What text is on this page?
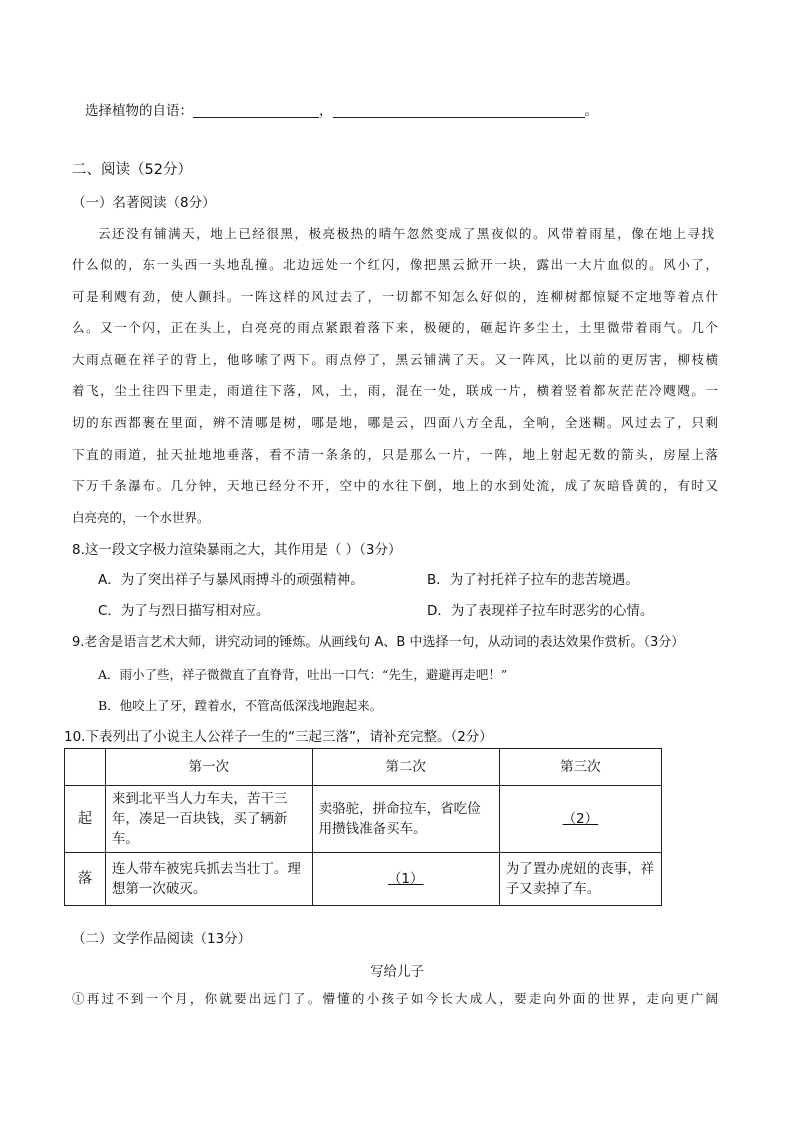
选择植物的自语：	，	。
二、阅读（52分）
（一）名著阅读（8分）
云还没有铺满天，地上已经很黑，极亮极热的晴午忽然变成了黑夜似的。风带着雨星，像在地上寻找
什么似的，东一头西一头地乱撞。北边远处一个红闪，像把黑云掀开一块，露出一大片血似的。风小了，
可是利飕有劲，使人颤抖。一阵这样的风过去了，一切都不知怎么好似的，连柳树都惊疑不定地等着点什
么。又一个闪，正在头上，白亮亮的雨点紧跟着落下来，极硬的，砸起许多尘土，土里微带着雨气。几个
大雨点砸在祥子的背上，他哆嗦了两下。雨点停了，黑云铺满了天。又一阵风，比以前的更厉害，柳枝横
着飞，尘土往四下里走，雨道往下落，风，土，雨，混在一处，联成一片，横着竖着都灰茫茫冷飕飕。一
切的东西都裹在里面，辨不清哪是树，哪是地，哪是云，四面八方全乱，全响，全迷糊。风过去了，只剩
下直的雨道，扯天扯地地垂落，看不清一条条的，只是那么一片，一阵，地上射起无数的箭头，房屋上落
下万千条瀑布。几分钟，天地已经分不开，空中的水往下倒，地上的水到处流，成了灰暗昏黄的，有时又
白亮亮的，一个水世界。
8.这一段文字极力渲染暴雨之大，其作用是（ ）（3分）
A．为了突出祥子与暴风雨搏斗的顽强精神。	B．为了衬托祥子拉车的悲苦境遇。
C．为了与烈日描写相对应。	D．为了表现祥子拉车时恶劣的心情。
9.老舍是语言艺术大师，讲究动词的锤炼。从画线句 A、B 中选择一句，从动词的表达效果作赏析。（3分）
A．雨小了些，祥子微微直了直脊背，吐出一口气：“先生，避避再走吧！”
B．他咬上了牙，蹚着水，不管高低深浅地跑起来。
10.下表列出了小说主人公祥子一生的“三起三落”，请补充完整。（2分）
	第一次	第二次	第三次
起	来到北平当人力车夫，苦干三年，凑足一百块钱，买了辆新车。	卖骆驼，拼命拉车，省吃俭用攒钱准备买车。	（2）

落	连人带车被宪兵抓去当壮丁。理想第一次破灭。	（1）	为了置办虎妞的丧事，祥子又卖掉了车。
（二）文学作品阅读（13分）
写给儿子
①再过不到一个月，你就要出远门了。懵懂的小孩子如今长大成人，要走向外面的世界，走向更广阔
